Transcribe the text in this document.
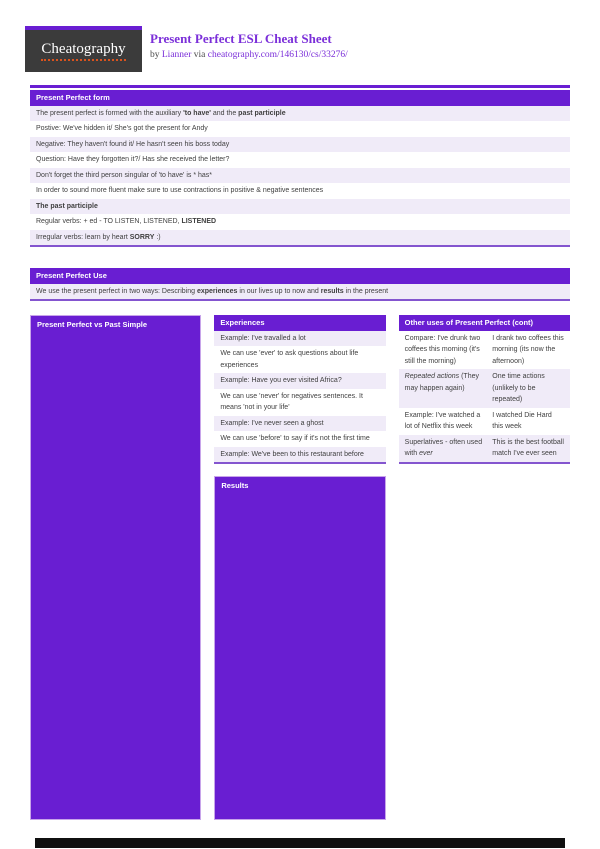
Cheatography
Present Perfect ESL Cheat Sheet
by Lianner via cheatography.com/146130/cs/33276/
Present Perfect form
The present perfect is formed with the auxiliary 'to have' and the past participle
Postive: We've hidden it/ She's got the present for Andy
Negative: They haven't found it/ He hasn't seen his boss today
Question: Have they forgotten it?/ Has she received the letter?
Don't forget the third person singular of 'to have' is * has*
In order to sound more fluent make sure to use contractions in positive & negative sentences
The past participle
Regular verbs: + ed - TO LISTEN, LISTENED, LISTENED
Irregular verbs: learn by heart SORRY :)
Present Perfect Use
We use the present perfect in two ways: Describing experiences in our lives up to now and results in the present
Present Perfect vs Past Simple	Experiences
Example: I've travalled a lot
We can use 'ever' to ask questions about life experiences
Example: Have you ever visited Africa?
We can use 'never' for negatives sentences. It means 'not in your life'
Example: I've never seen a ghost
We can use 'before' to say if it's not the first time
Example: We've been to this restaurant before
Results
Other uses of Present Perfect (cont)
Compare: I've drunk two coffees this morning (it's still the morning)
I drank two coffees this morning (its now the afternoon)
Repeated actions (They may happen again)
One time actions (unlikely to be repeated)
Example: I've watched a lot of Netflix this week
I watched Die Hard this week
Superlatives - often used with ever
This is the best football match I've ever seen
